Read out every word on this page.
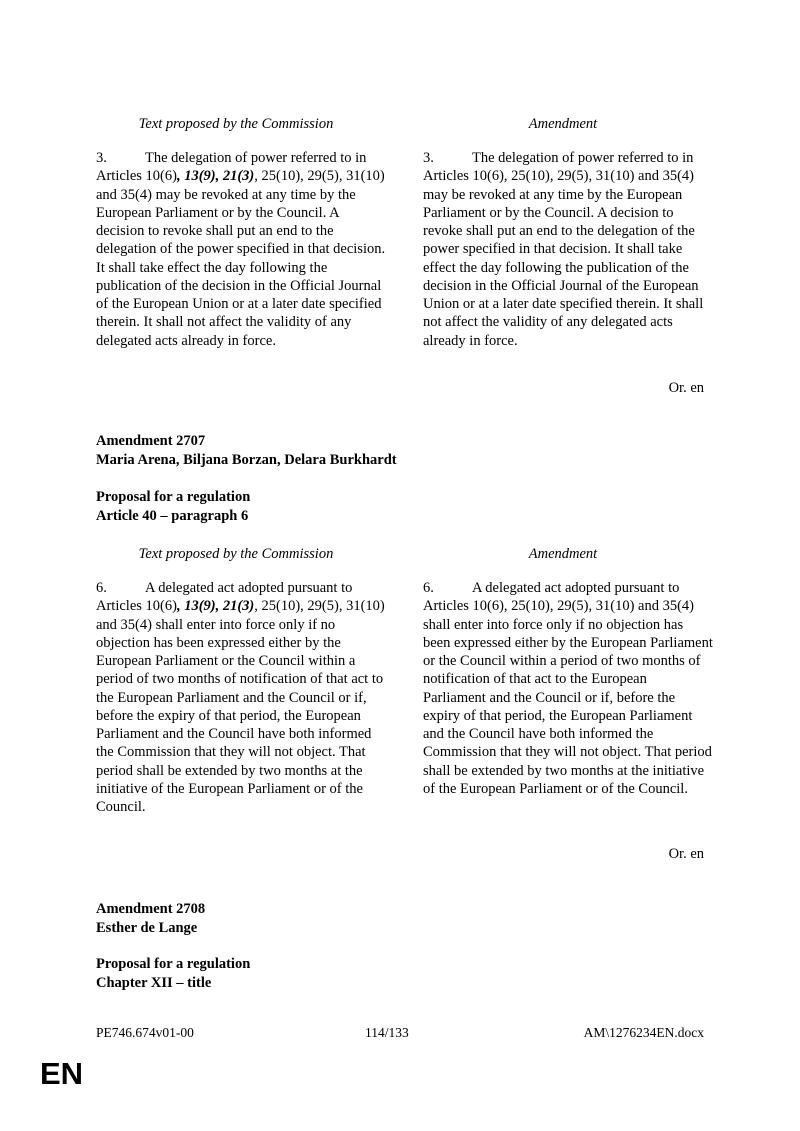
Text proposed by the Commission	Amendment
3.	The delegation of power referred to in Articles 10(6), 13(9), 21(3), 25(10), 29(5), 31(10) and 35(4) may be revoked at any time by the European Parliament or by the Council. A decision to revoke shall put an end to the delegation of the power specified in that decision. It shall take effect the day following the publication of the decision in the Official Journal of the European Union or at a later date specified therein. It shall not affect the validity of any delegated acts already in force.
3.	The delegation of power referred to in Articles 10(6), 25(10), 29(5), 31(10) and 35(4) may be revoked at any time by the European Parliament or by the Council. A decision to revoke shall put an end to the delegation of the power specified in that decision. It shall take effect the day following the publication of the decision in the Official Journal of the European Union or at a later date specified therein. It shall not affect the validity of any delegated acts already in force.
Or. en
Amendment 2707
Maria Arena, Biljana Borzan, Delara Burkhardt
Proposal for a regulation
Article 40 – paragraph 6
Text proposed by the Commission	Amendment
6.	A delegated act adopted pursuant to Articles 10(6), 13(9), 21(3), 25(10), 29(5), 31(10) and 35(4) shall enter into force only if no objection has been expressed either by the European Parliament or the Council within a period of two months of notification of that act to the European Parliament and the Council or if, before the expiry of that period, the European Parliament and the Council have both informed the Commission that they will not object. That period shall be extended by two months at the initiative of the European Parliament or of the Council.
6.	A delegated act adopted pursuant to Articles 10(6), 25(10), 29(5), 31(10) and 35(4) shall enter into force only if no objection has been expressed either by the European Parliament or the Council within a period of two months of notification of that act to the European Parliament and the Council or if, before the expiry of that period, the European Parliament and the Council have both informed the Commission that they will not object. That period shall be extended by two months at the initiative of the European Parliament or of the Council.
Or. en
Amendment 2708
Esther de Lange
Proposal for a regulation
Chapter XII – title
PE746.674v01-00	114/133	AM\1276234EN.docx
EN
